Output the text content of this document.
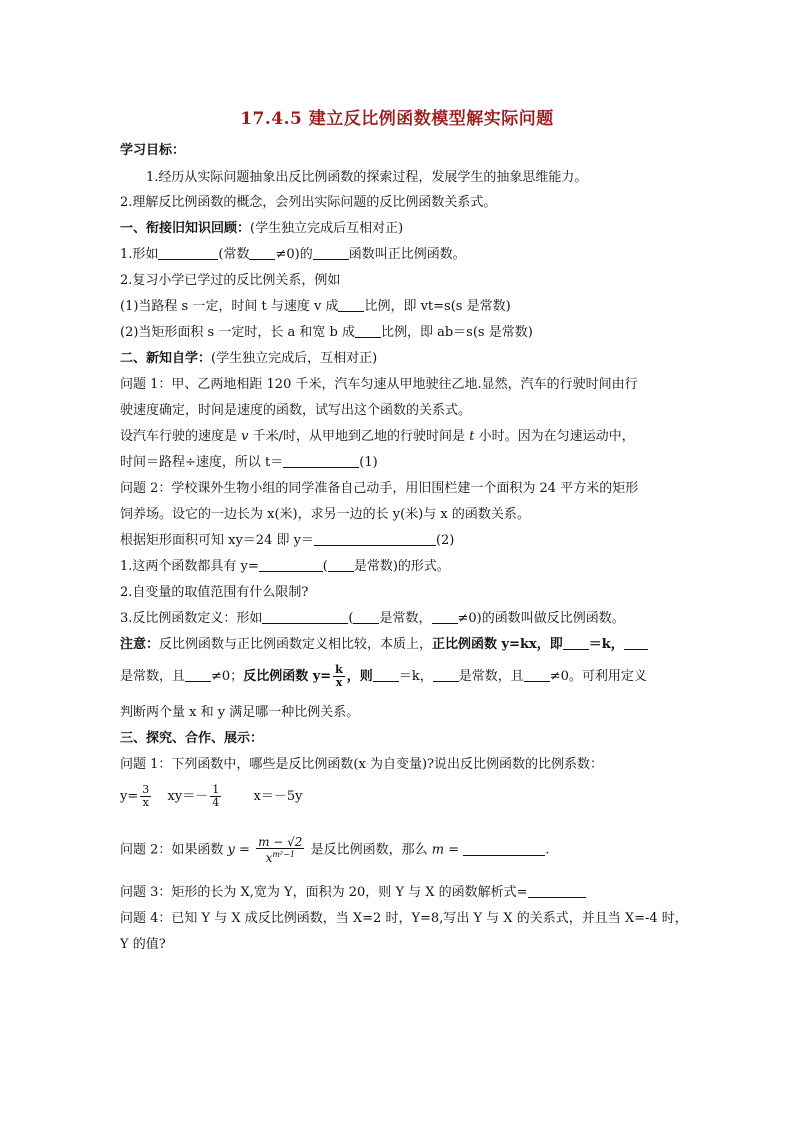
17.4.5 建立反比例函数模型解实际问题
学习目标：
1.经历从实际问题抽象出反比例函数的探索过程，发展学生的抽象思维能力。
2.理解反比例函数的概念，会列出实际问题的反比例函数关系式。
一、衔接旧知识回顾：(学生独立完成后互相对正)
1.形如	(常数 ≠0)的	函数叫正比例函数。
2.复习小学已学过的反比例关系，例如
(1)当路程 s 一定，时间 t 与速度 v 成 比例，即 vt=s(s 是常数)
(2)当矩形面积 s 一定时，长 a 和宽 b 成 比例，即 ab＝s(s 是常数)
二、新知自学：(学生独立完成后，互相对正)
问题 1：甲、乙两地相距 120 千米，汽车匀速从甲地驶往乙地.显然，汽车的行驶时间由行
驶速度确定，时间是速度的函数，试写出这个函数的关系式。
设汽车行驶的速度是 v 千米/时，从甲地到乙地的行驶时间是 t 小时。因为在匀速运动中，
时间＝路程÷速度，所以 t＝	(1)
问题 2：学校课外生物小组的同学准备自己动手，用旧围栏建一个面积为 24 平方米的矩形
饲养场。设它的一边长为 x(米)，求另一边的长 y(米)与 x 的函数关系。
根据矩形面积可知 xy＝24 即 y＝	(2)
1.这两个函数都具有 y=	( 是常数)的形式。
2.自变量的取值范围有什么限制?
3.反比例函数定义：形如	( 是常数， ≠0)的函数叫做反比例函数。
注意：反比例函数与正比例函数定义相比较，本质上，正比例函数 y=kx，即 ＝k，
是常数，且 ≠0；反比例函数 $y= \frac{k}{x}$ ，则 ＝k， 是常数，且 ≠0。可利用定义
判断两个量 x 和 y 满足哪一种比例关系。
三、探究、合作、展示：
问题 1：下列函数中，哪些是反比例函数(x 为自变量)?说出反比例函数的比例系数：
$y= \frac{3}{x} xy=- \frac{1}{4} x=-5y$
问题 2：如果函数 $y = \frac{m - √2}{x^{m^2-1}}$ 是反比例函数，那么 m =	.
问题 3：矩形的长为 X,宽为 Y，面积为 20，则 Y 与 X 的函数解析式=
问题 4：已知 Y 与 X 成反比例函数，当 X=2 时，Y=8,写出 Y 与 X 的关系式，并且当 X=-4 时，
Y 的值?
